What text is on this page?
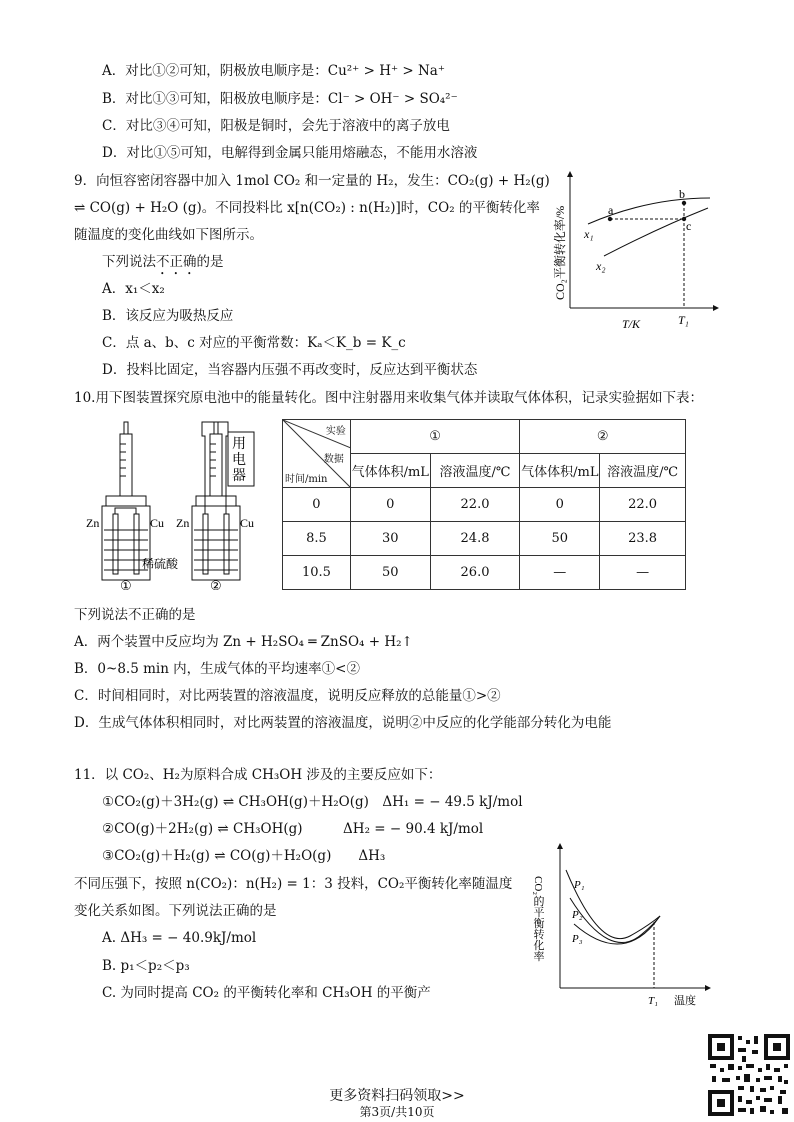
A．对比①②可知，阴极放电顺序是：Cu²⁺ > H⁺ > Na⁺
B．对比①③可知，阳极放电顺序是：Cl⁻ > OH⁻ > SO₄²⁻
C．对比③④可知，阳极是铜时，会先于溶液中的离子放电
D．对比①⑤可知，电解得到金属只能用熔融态，不能用水溶液
9．向恒容密闭容器中加入 1mol CO₂ 和一定量的 H₂，发生：CO₂(g) + H₂(g)
⇌ CO(g) + H₂O (g)。不同投料比 x[n(CO₂) : n(H₂)]时，CO₂ 的平衡转化率
随温度的变化曲线如下图所示。
下列说法不正确的是
A．x₁＜x₂
B．该反应为吸热反应
C．点 a、b、c 对应的平衡常数：Kₐ＜K_b = K_c
D．投料比固定，当容器内压强不再改变时，反应达到平衡状态
a
b
c
x₁
x₂
T/K	T₁
CO₂平衡转化率/%
10.用下图装置探究原电池中的能量转化。图中注射器用来收集气体并读取气体体积，记录实验据如下表：
用
电
器
Zn	Cu Zn	Cu
稀硫酸
①	②
实验
数据
时间/min	①		②	
	气体体积/mL	溶液温度/℃	气体体积/mL	溶液温度/℃
0	0	22.0	0	22.0
8.5	30	24.8	50	23.8
10.5	50	26.0	—	—
下列说法不正确的是
A．两个装置中反应均为 Zn + H₂SO₄ ═ ZnSO₄ + H₂↑
B．0~8.5 min 内，生成气体的平均速率①<②
C．时间相同时，对比两装置的溶液温度，说明反应释放的总能量①>②
D．生成气体体积相同时，对比两装置的溶液温度，说明②中反应的化学能部分转化为电能
11．以 CO₂、H₂为原料合成 CH₃OH 涉及的主要反应如下：
①CO₂(g)＋3H₂(g) ⇌ CH₃OH(g)＋H₂O(g)　ΔH₁ = − 49.5 kJ/mol
②CO(g)＋2H₂(g) ⇌ CH₃OH(g)　　　ΔH₂ = − 90.4 kJ/mol
③CO₂(g)＋H₂(g) ⇌ CO(g)＋H₂O(g)　　ΔH₃
不同压强下，按照 n(CO₂)：n(H₂) = 1：3 投料，CO₂平衡转化率随温度
变化关系如图。下列说法正确的是
A. ΔH₃ = − 40.9kJ/mol
B. p₁＜p₂＜p₃
C. 为同时提高 CO₂ 的平衡转化率和 CH₃OH 的平衡产
P₁
P₂
P₃
T₁ 温度
CO₂的平衡转化率
更多资料扫码领取>>
第3页/共10页
